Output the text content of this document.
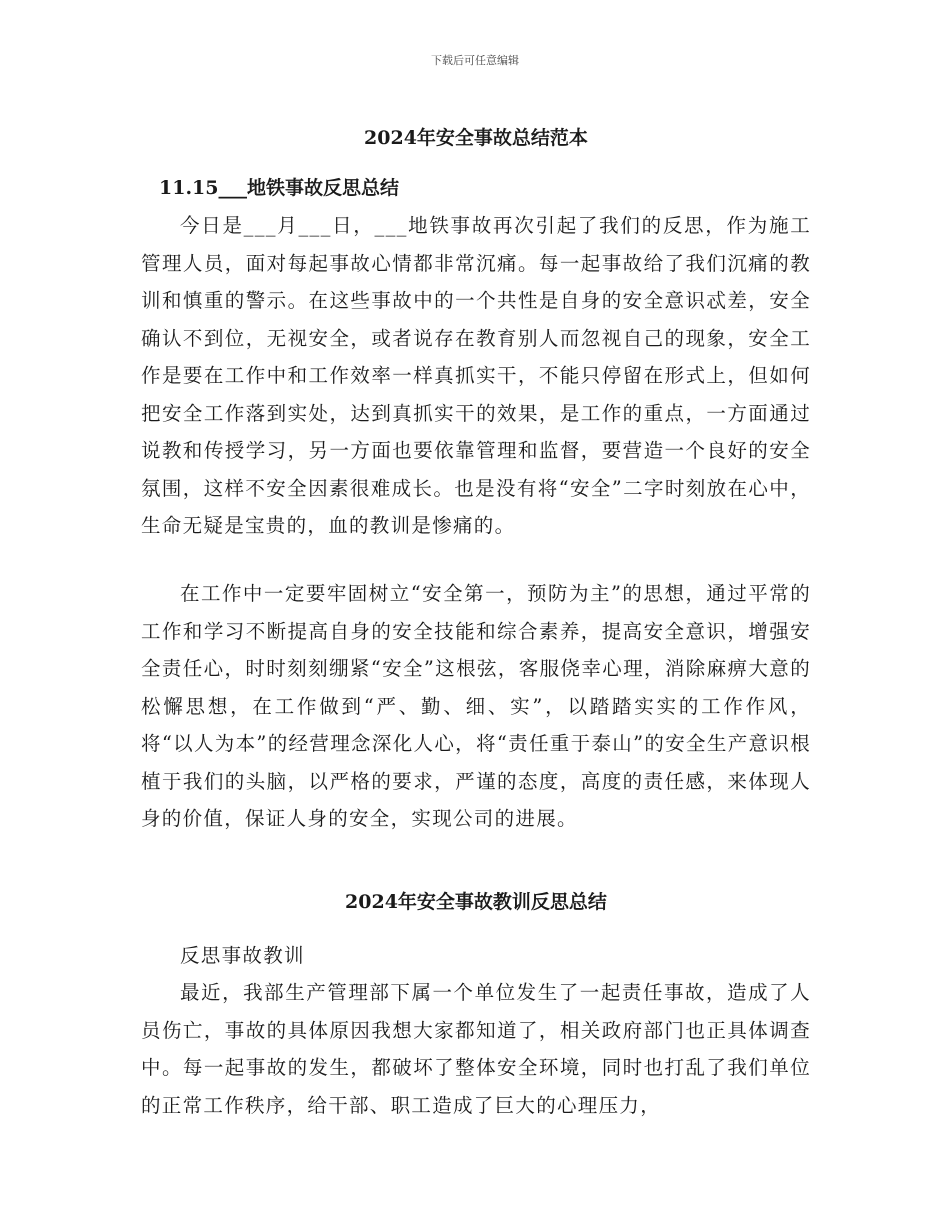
下载后可任意编辑
2024年安全事故总结范本
11.15___地铁事故反思总结

今日是___月___日，___地铁事故再次引起了我们的反思，作为施工管理人员，面对每起事故心情都非常沉痛。每一起事故给了我们沉痛的教训和慎重的警示。在这些事故中的一个共性是自身的安全意识忒差，安全确认不到位，无视安全，或者说存在教育别人而忽视自己的现象，安全工作是要在工作中和工作效率一样真抓实干，不能只停留在形式上，但如何把安全工作落到实处，达到真抓实干的效果，是工作的重点，一方面通过说教和传授学习，另一方面也要依靠管理和监督，要营造一个良好的安全氛围，这样不安全因素很难成长。也是没有将“安全”二字时刻放在心中，生命无疑是宝贵的，血的教训是惨痛的。

在工作中一定要牢固树立“安全第一，预防为主”的思想，通过平常的工作和学习不断提高自身的安全技能和综合素养，提高安全意识，增强安全责任心，时时刻刻绷紧“安全”这根弦，客服侥幸心理，消除麻痹大意的松懈思想，在工作做到“严、勤、细、实”，以踏踏实实的工作作风，将“以人为本”的经营理念深化人心，将“责任重于泰山”的安全生产意识根植于我们的头脑，以严格的要求，严谨的态度，高度的责任感，来体现人身的价值，保证人身的安全，实现公司的进展。

2024年安全事故教训反思总结

反思事故教训

最近，我部生产管理部下属一个单位发生了一起责任事故，造成了人员伤亡，事故的具体原因我想大家都知道了，相关政府部门也正具体调查中。每一起事故的发生，都破坏了整体安全环境，同时也打乱了我们单位的正常工作秩序，给干部、职工造成了巨大的心理压力，
